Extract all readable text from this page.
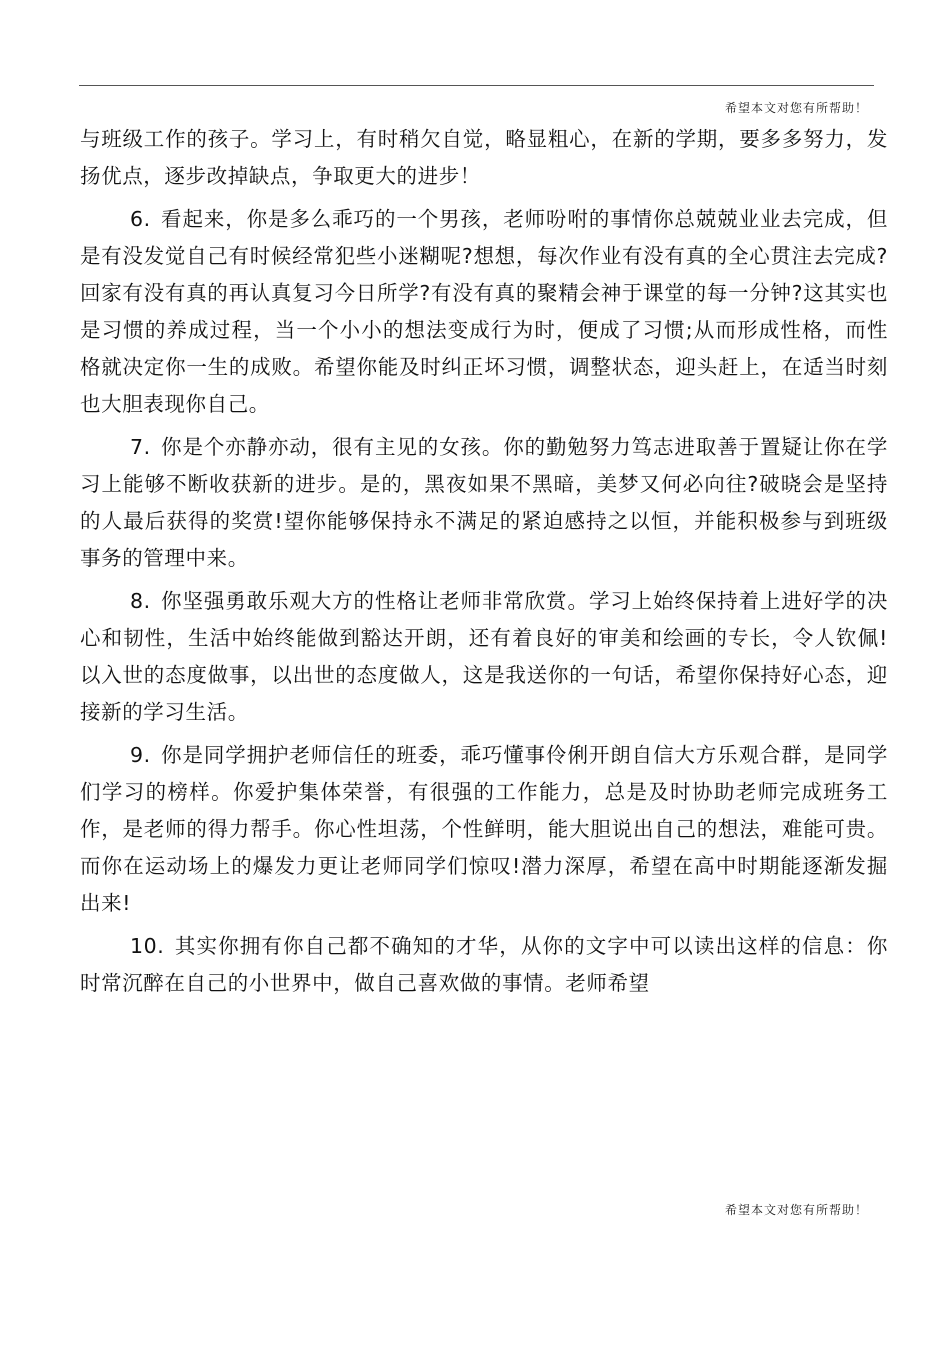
希望本文对您有所帮助！

与班级工作的孩子。学习上，有时稍欠自觉，略显粗心，在新的学期，要多多努力，发扬优点，逐步改掉缺点，争取更大的进步！

6. 看起来，你是多么乖巧的一个男孩，老师吩咐的事情你总兢兢业业去完成，但是有没发觉自己有时候经常犯些小迷糊呢?想想，每次作业有没有真的全心贯注去完成?回家有没有真的再认真复习今日所学?有没有真的聚精会神于课堂的每一分钟?这其实也是习惯的养成过程，当一个小小的想法变成行为时，便成了习惯;从而形成性格，而性格就决定你一生的成败。希望你能及时纠正坏习惯，调整状态，迎头赶上，在适当时刻也大胆表现你自己。

7. 你是个亦静亦动，很有主见的女孩。你的勤勉努力笃志进取善于置疑让你在学习上能够不断收获新的进步。是的，黑夜如果不黑暗，美梦又何必向往?破晓会是坚持的人最后获得的奖赏!望你能够保持永不满足的紧迫感持之以恒，并能积极参与到班级事务的管理中来。

8. 你坚强勇敢乐观大方的性格让老师非常欣赏。学习上始终保持着上进好学的决心和韧性，生活中始终能做到豁达开朗，还有着良好的审美和绘画的专长，令人钦佩!以入世的态度做事，以出世的态度做人，这是我送你的一句话，希望你保持好心态，迎接新的学习生活。

9. 你是同学拥护老师信任的班委，乖巧懂事伶俐开朗自信大方乐观合群，是同学们学习的榜样。你爱护集体荣誉，有很强的工作能力，总是及时协助老师完成班务工作，是老师的得力帮手。你心性坦荡，个性鲜明，能大胆说出自己的想法，难能可贵。而你在运动场上的爆发力更让老师同学们惊叹!潜力深厚，希望在高中时期能逐渐发掘出来!

10. 其实你拥有你自己都不确知的才华，从你的文字中可以读出这样的信息：你时常沉醉在自己的小世界中，做自己喜欢做的事情。老师希望

希望本文对您有所帮助！
